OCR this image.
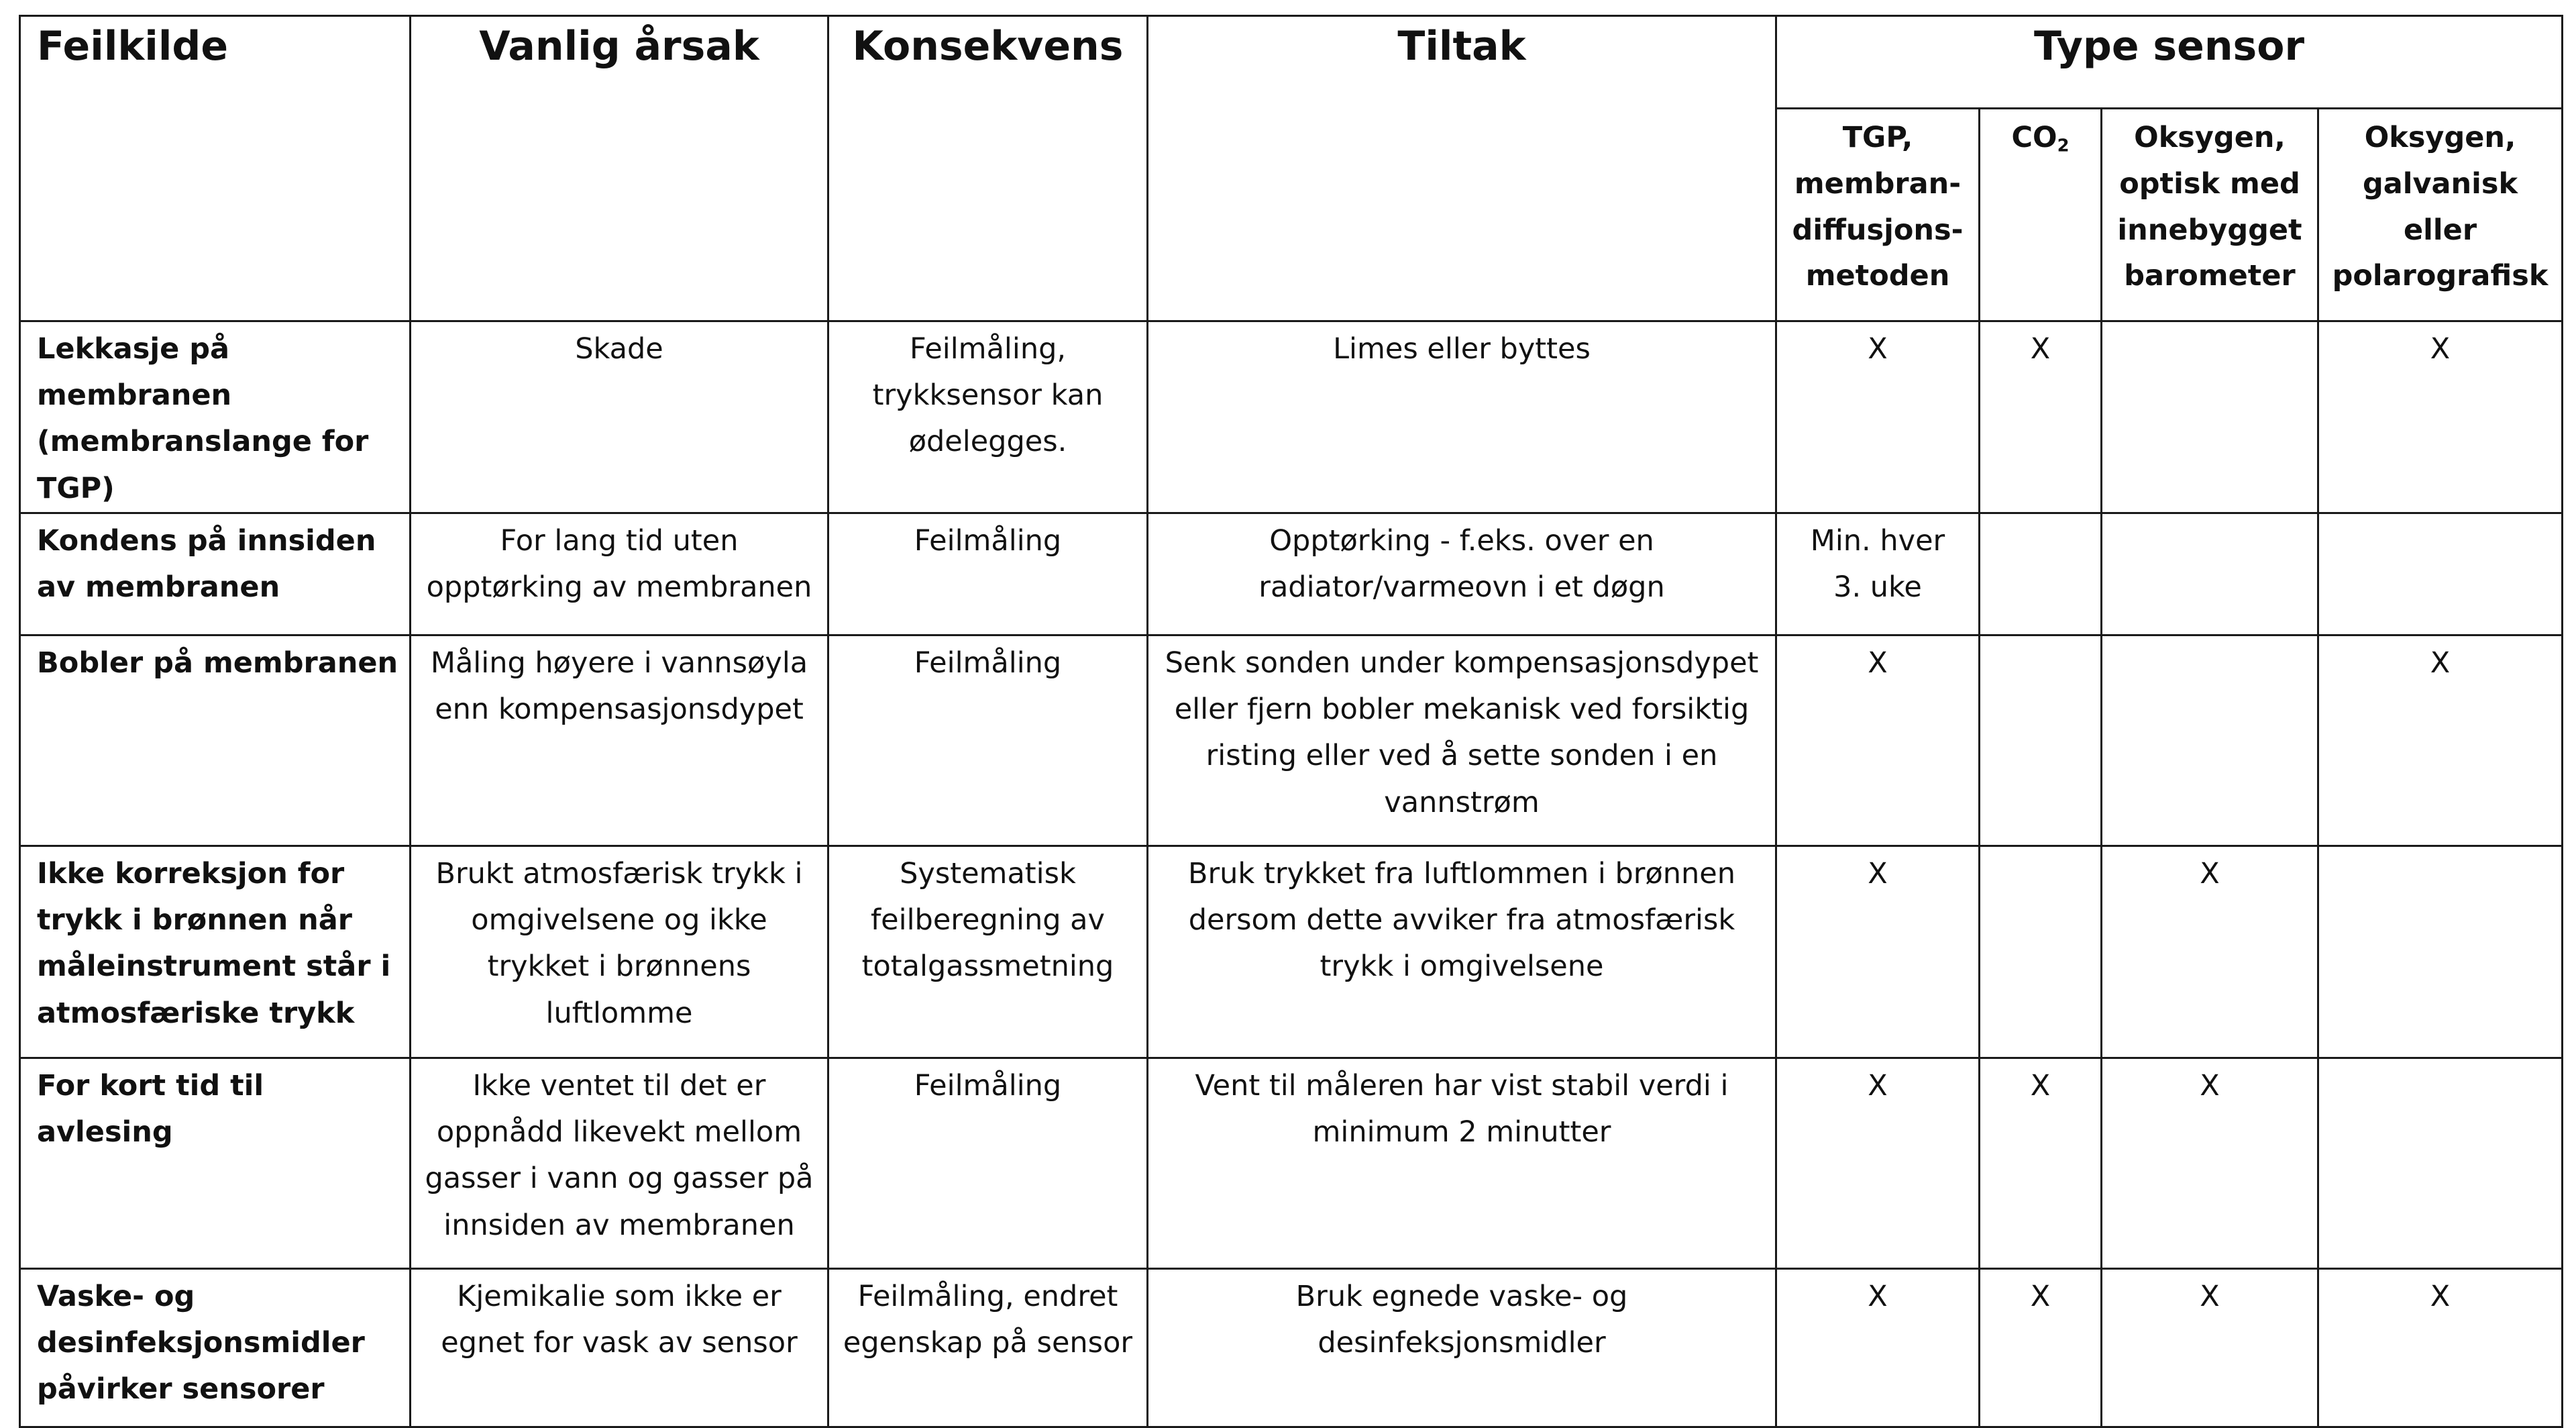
Feilkilde	Vanlig årsak	Konsekvens	Tiltak	Type sensor			
				TGP, membran-diffusjons-metoden	$CO_2$	Oksygen, optisk med innebygget barometer	Oksygen, galvanisk eller polarografisk
Lekkasje på membranen (membranslange for TGP)	Skade	Feilmåling, trykksensor kan ødelegges.	Limes eller byttes	X	X		X
Kondens på innsiden av membranen	For lang tid uten opptørking av membranen	Feilmåling	Opptørking - f.eks. over en radiator/varmeovn i et døgn	Min. hver 3. uke			
Bobler på membranen	Måling høyere i vannsøyla enn kompensasjonsdypet	Feilmåling	Senk sonden under kompensasjonsdypet eller fjern bobler mekanisk ved forsiktig risting eller ved å sette sonden i en vannstrøm	X			X
Ikke korreksjon for trykk i brønnen når måleinstrument står i atmosfæriske trykk	Brukt atmosfærisk trykk i omgivelsene og ikke trykket i brønnens luftlomme	Systematisk feilberegning av totalgassmetning	Bruk trykket fra luftlommen i brønnen dersom dette avviker fra atmosfærisk trykk i omgivelsene	X		X	
For kort tid til avlesing	Ikke ventet til det er oppnådd likevekt mellom gasser i vann og gasser på innsiden av membranen	Feilmåling	Vent til måleren har vist stabil verdi i minimum 2 minutter	X	X	X	
Vaske- og desinfeksjonsmidler påvirker sensorer	Kjemikalie som ikke er egnet for vask av sensor	Feilmåling, endret egenskap på sensor	Bruk egnede vaske- og desinfeksjonsmidler	X	X	X	X
